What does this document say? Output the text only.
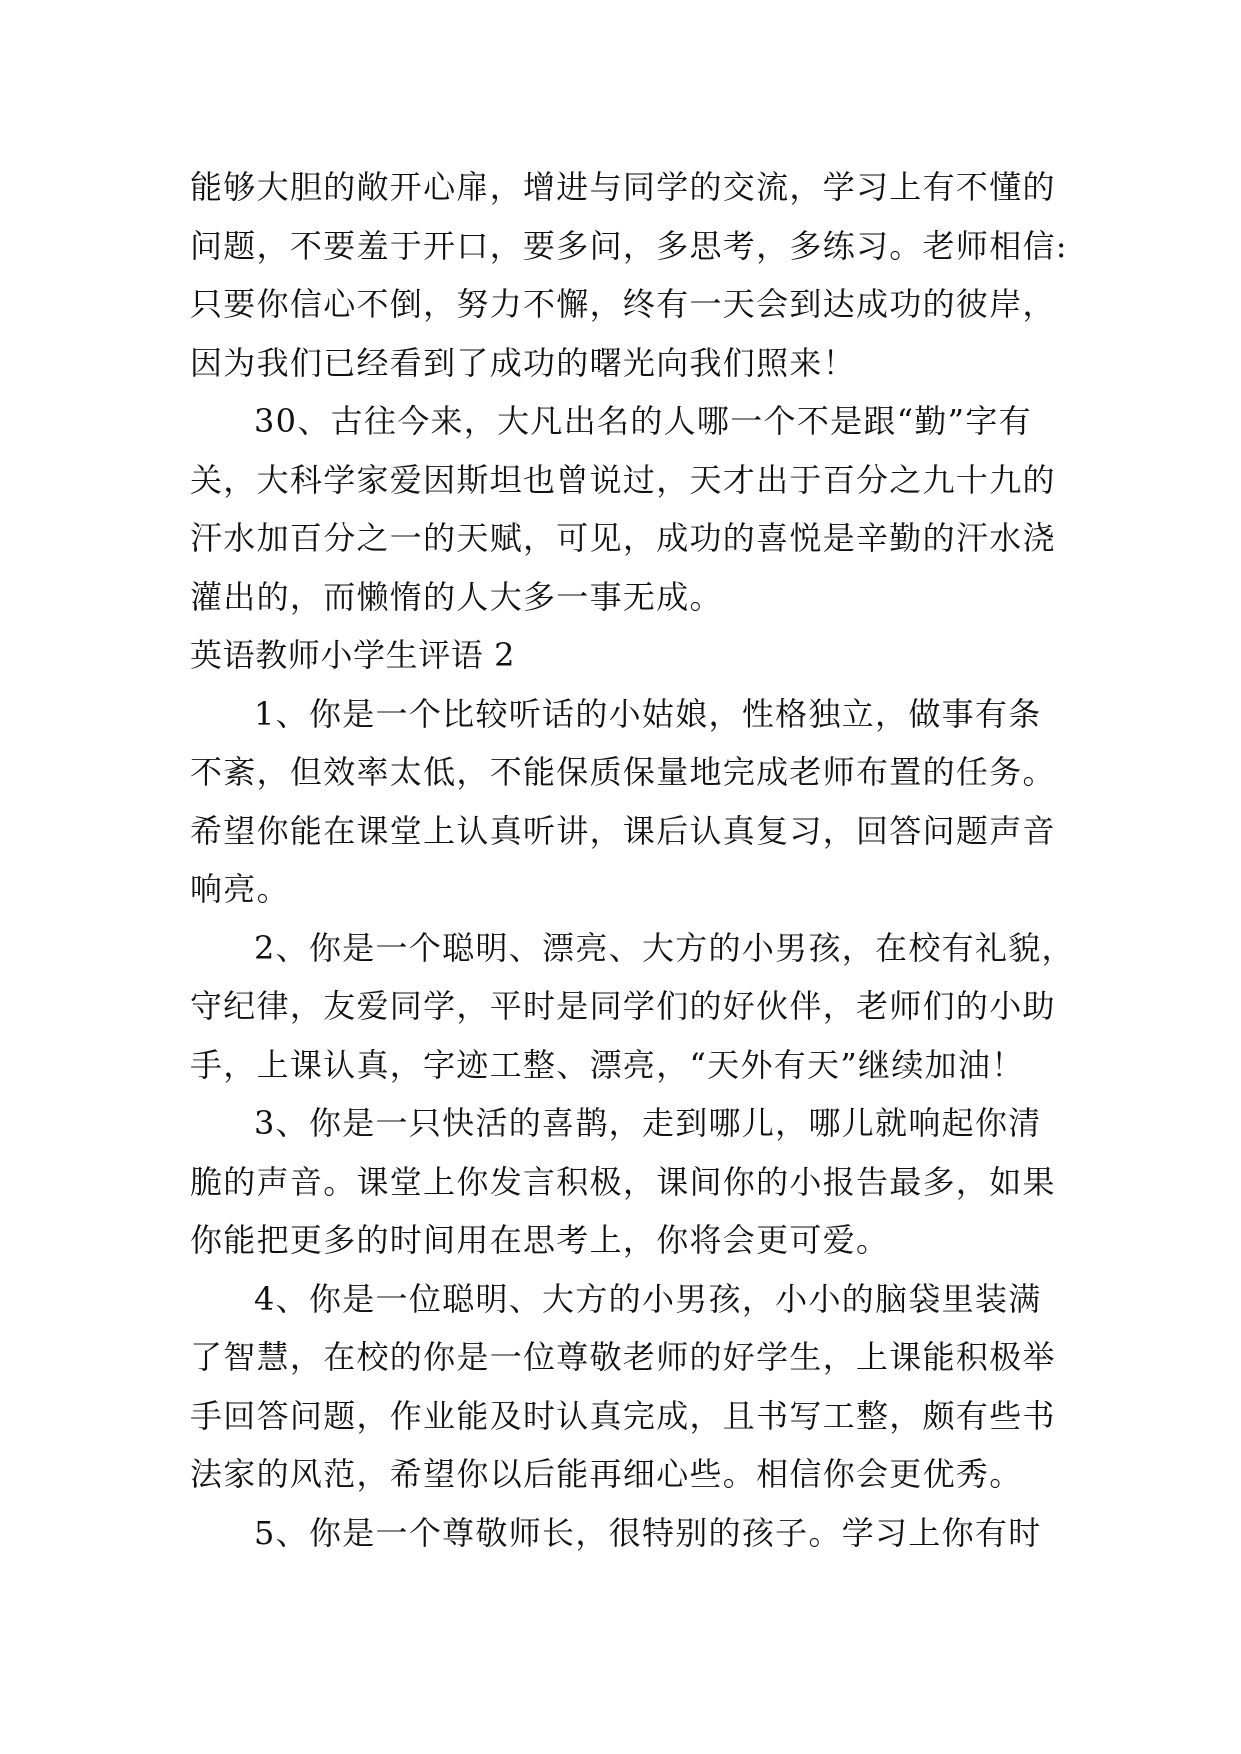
能够大胆的敞开心扉，增进与同学的交流，学习上有不懂的

问题，不要羞于开口，要多问，多思考，多练习。老师相信:

只要你信心不倒，努力不懈，终有一天会到达成功的彼岸，

因为我们已经看到了成功的曙光向我们照来！

30、古往今来，大凡出名的人哪一个不是跟“勤”字有

关，大科学家爱因斯坦也曾说过，天才出于百分之九十九的

汗水加百分之一的天赋，可见，成功的喜悦是辛勤的汗水浇

灌出的，而懒惰的人大多一事无成。

英语教师小学生评语 2

1、你是一个比较听话的小姑娘，性格独立，做事有条

不紊，但效率太低，不能保质保量地完成老师布置的任务。

希望你能在课堂上认真听讲，课后认真复习，回答问题声音

响亮。

2、你是一个聪明、漂亮、大方的小男孩，在校有礼貌，

守纪律，友爱同学，平时是同学们的好伙伴，老师们的小助

手，上课认真，字迹工整、漂亮，“天外有天”继续加油！

3、你是一只快活的喜鹊，走到哪儿，哪儿就响起你清

脆的声音。课堂上你发言积极，课间你的小报告最多，如果

你能把更多的时间用在思考上，你将会更可爱。

4、你是一位聪明、大方的小男孩，小小的脑袋里装满

了智慧，在校的你是一位尊敬老师的好学生，上课能积极举

手回答问题，作业能及时认真完成，且书写工整，颇有些书

法家的风范，希望你以后能再细心些。相信你会更优秀。

5、你是一个尊敬师长，很特别的孩子。学习上你有时
